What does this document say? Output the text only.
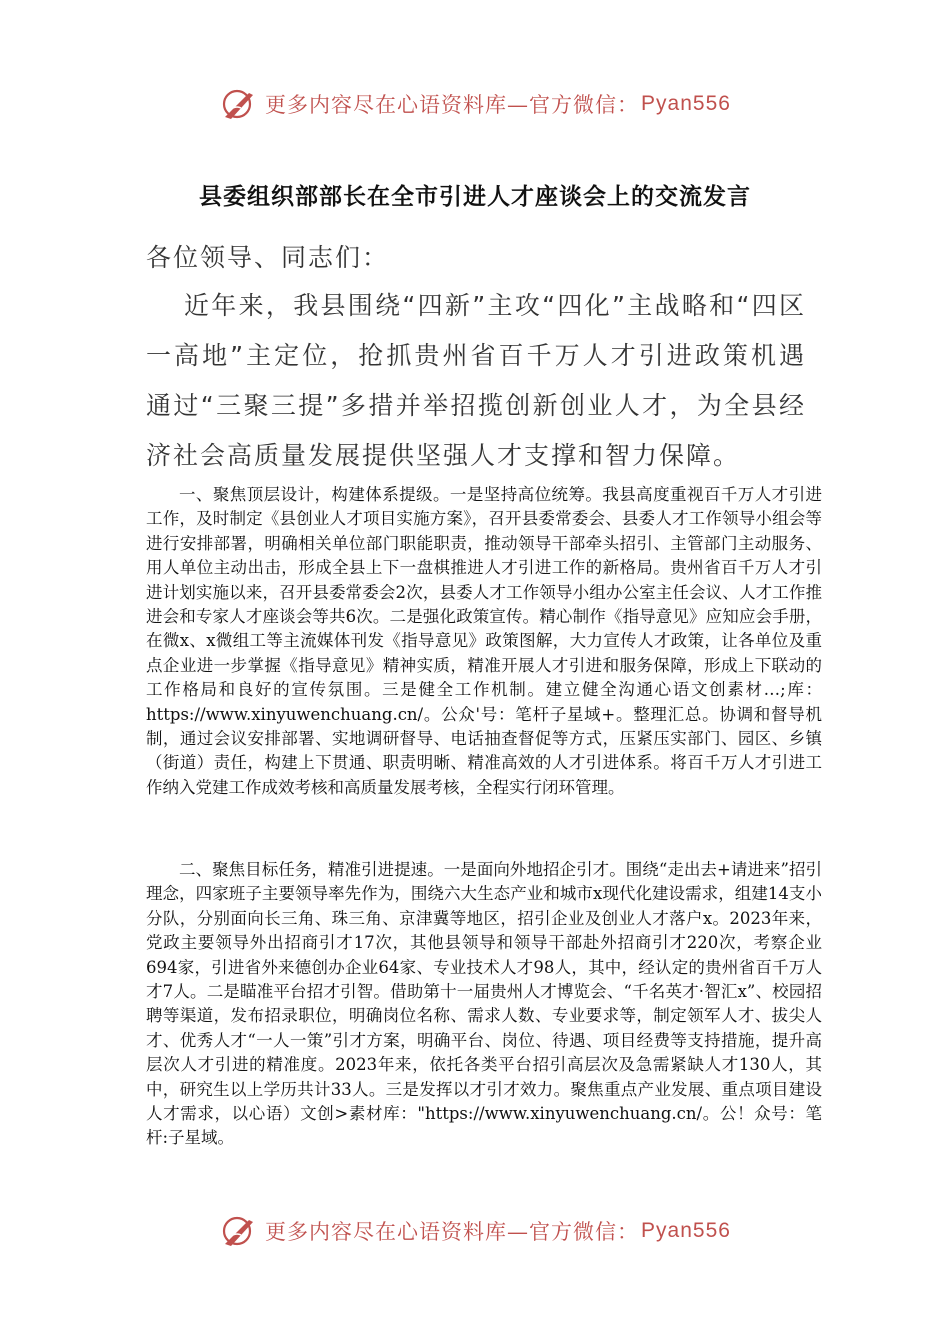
更多内容尽在心语资料库—官方微信： Pyan556
县委组织部部长在全市引进人才座谈会上的交流发言
各位领导、同志们：

近年来，我县围绕“四新”主攻“四化”主战略和“四区一高地”主定位，抢抓贵州省百千万人才引进政策机遇通过“三聚三提”多措并举招揽创新创业人才，为全县经济社会高质量发展提供坚强人才支撑和智力保障。

一、聚焦顶层设计，构建体系提级。一是坚持高位统筹。我县高度重视百千万人才引进工作，及时制定《县创业人才项目实施方案》，召开县委常委会、县委人才工作领导小组会等进行安排部署，明确相关单位部门职能职责，推动领导干部牵头招引、主管部门主动服务、用人单位主动出击，形成全县上下一盘棋推进人才引进工作的新格局。贵州省百千万人才引进计划实施以来，召开县委常委会2次，县委人才工作领导小组办公室主任会议、人才工作推进会和专家人才座谈会等共6次。二是强化政策宣传。精心制作《指导意见》应知应会手册，在微x、x微组工等主流媒体刊发《指导意见》政策图解，大力宣传人才政策，让各单位及重点企业进一步掌握《指导意见》精神实质，精准开展人才引进和服务保障，形成上下联动的工作格局和良好的宣传氛围。三是健全工作机制。建立健全沟通心语文创素材…;库：https://www.xinyuwenchuang.cn/。公众'号：笔杆子星域+。整理汇总。协调和督导机制，通过会议安排部署、实地调研督导、电话抽查督促等方式，压紧压实部门、园区、乡镇（街道）责任，构建上下贯通、职责明晰、精准高效的人才引进体系。将百千万人才引进工作纳入党建工作成效考核和高质量发展考核，全程实行闭环管理。

二、聚焦目标任务，精准引进提速。一是面向外地招企引才。围绕“走出去+请进来”招引理念，四家班子主要领导率先作为，围绕六大生态产业和城市x现代化建设需求，组建14支小分队，分别面向长三角、珠三角、京津冀等地区，招引企业及创业人才落户x。2023年来，党政主要领导外出招商引才17次，其他县领导和领导干部赴外招商引才220次，考察企业694家，引进省外来德创办企业64家、专业技术人才98人，其中，经认定的贵州省百千万人才7人。二是瞄准平台招才引智。借助第十一届贵州人才博览会、“千名英才·智汇x”、校园招聘等渠道，发布招录职位，明确岗位名称、需求人数、专业要求等，制定领军人才、拔尖人才、优秀人才“一人一策”引才方案，明确平台、岗位、待遇、项目经费等支持措施，提升高层次人才引进的精准度。2023年来，依托各类平台招引高层次及急需紧缺人才130人，其中，研究生以上学历共计33人。三是发挥以才引才效力。聚焦重点产业发展、重点项目建设人才需求，以心语）文创>素材库："https://www.xinyuwenchuang.cn/。公！众号：笔杆:子星域。

更多内容尽在心语资料库—官方微信： Pyan556
